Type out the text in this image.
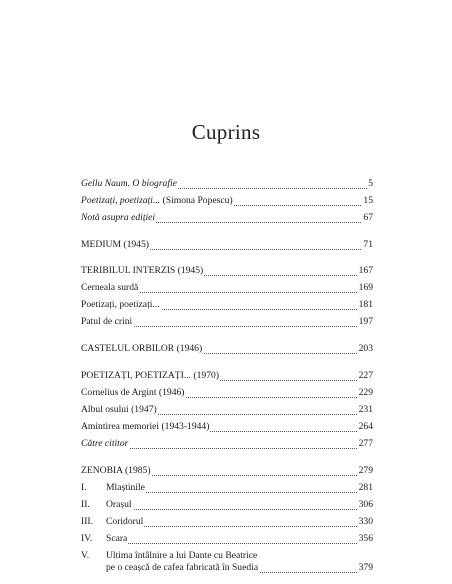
Cuprins
Gellu Naum. O biografie	5
Poetizați, poetizați... (Simona Popescu)	15
Notă asupra ediției	67
MEDIUM (1945)	71
TERIBILUL INTERZIS (1945)	167
Cerneala surdă	169
Poetizați, poetizați...	181
Patul de crini	197
CASTELUL ORBILOR (1946)	203
POETIZAȚI, POETIZAȚI... (1970)	227
Cornelius de Argint (1946)	229
Albul osului (1947)	231
Amintirea memoriei (1943-1944)	264
Către cititor	277
ZENOBIA (1985)	279
I. Mlaștinile	281
II. Orașul	306
III. Coridorul	330
IV. Scara	356
V. Ultima întâlnire a lui Dante cu Beatrice
pe o ceașcă de cafea fabricată în Suedia	379
